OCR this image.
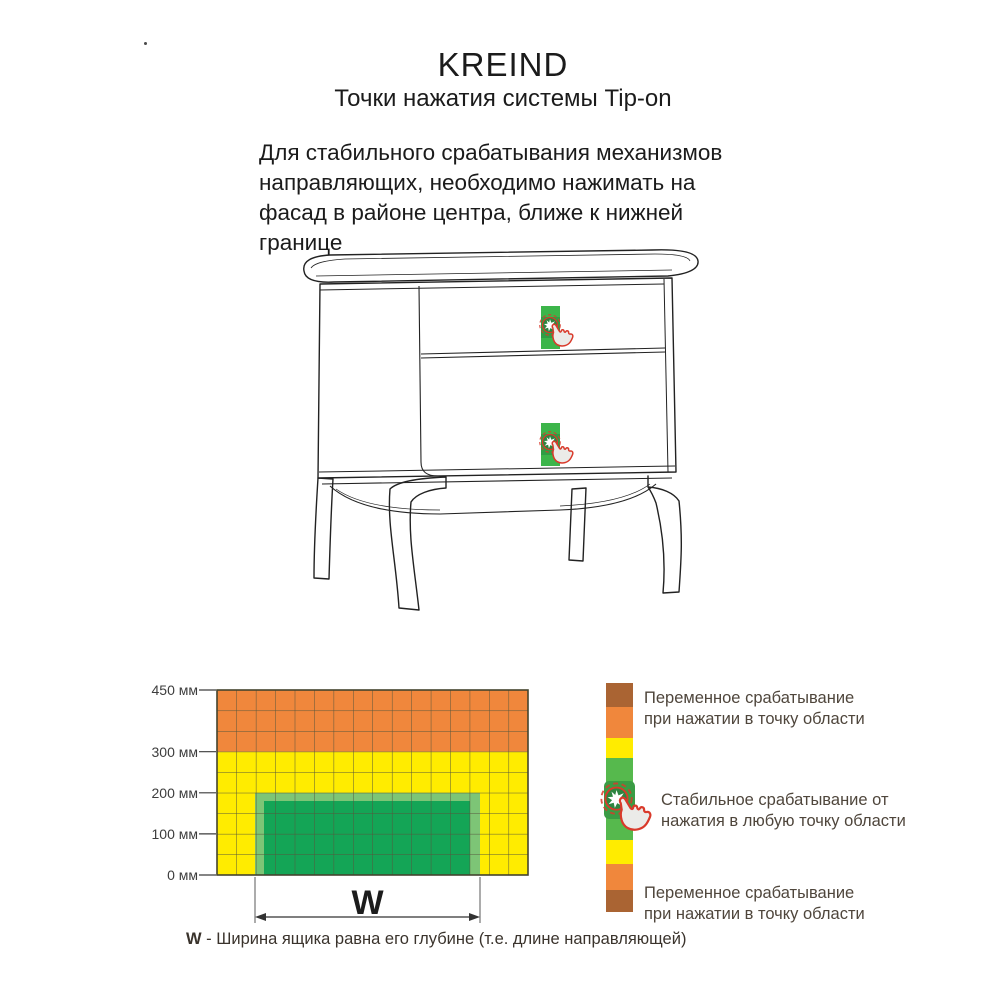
KREIND
Точки нажатия системы Tip-on

Для стабильного срабатывания механизмов направляющих, необходимо нажимать на фасад в районе центра, ближе к нижней границе

450 мм
300 мм
200 мм
100 мм
0 мм
W
Переменное срабатывание
при нажатии в точку области
Стабильное срабатывание от
нажатия в любую точку области
Переменное срабатывание
при нажатии в точку области

W - Ширина ящика равна его глубине (т.е. длине направляющей)
